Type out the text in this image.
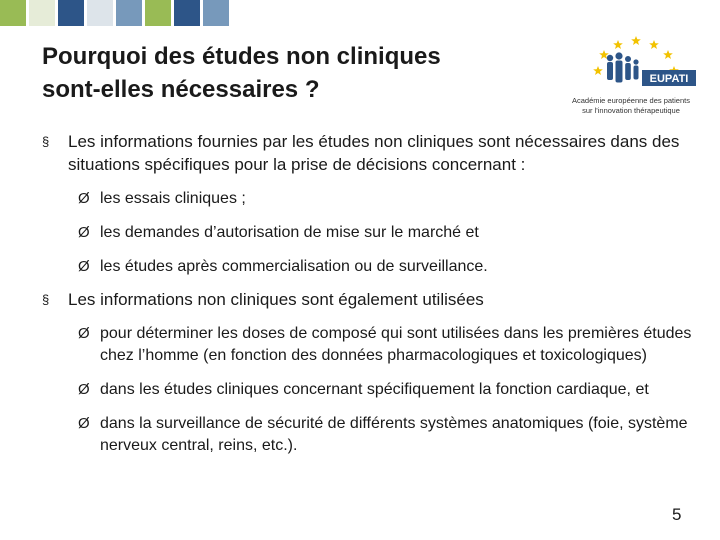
Pourquoi des études non cliniques
sont-elles nécessaires ?	EUPATI
Académie européenne des patients
sur l'innovation thérapeutique
§ Les informations fournies par les études non cliniques sont nécessaires dans des situations spécifiques pour la prise de décisions concernant :

Ø les essais cliniques ;

Ø les demandes d’autorisation de mise sur le marché et

Ø les études après commercialisation ou de surveillance.

§ Les informations non cliniques sont également utilisées

Ø pour déterminer les doses de composé qui sont utilisées dans les premières études chez l’homme (en fonction des données pharmacologiques et toxicologiques)

Ø dans les études cliniques concernant spécifiquement la fonction cardiaque, et

Ø dans la surveillance de sécurité de différents systèmes anatomiques (foie, système nerveux central, reins, etc.).

5
